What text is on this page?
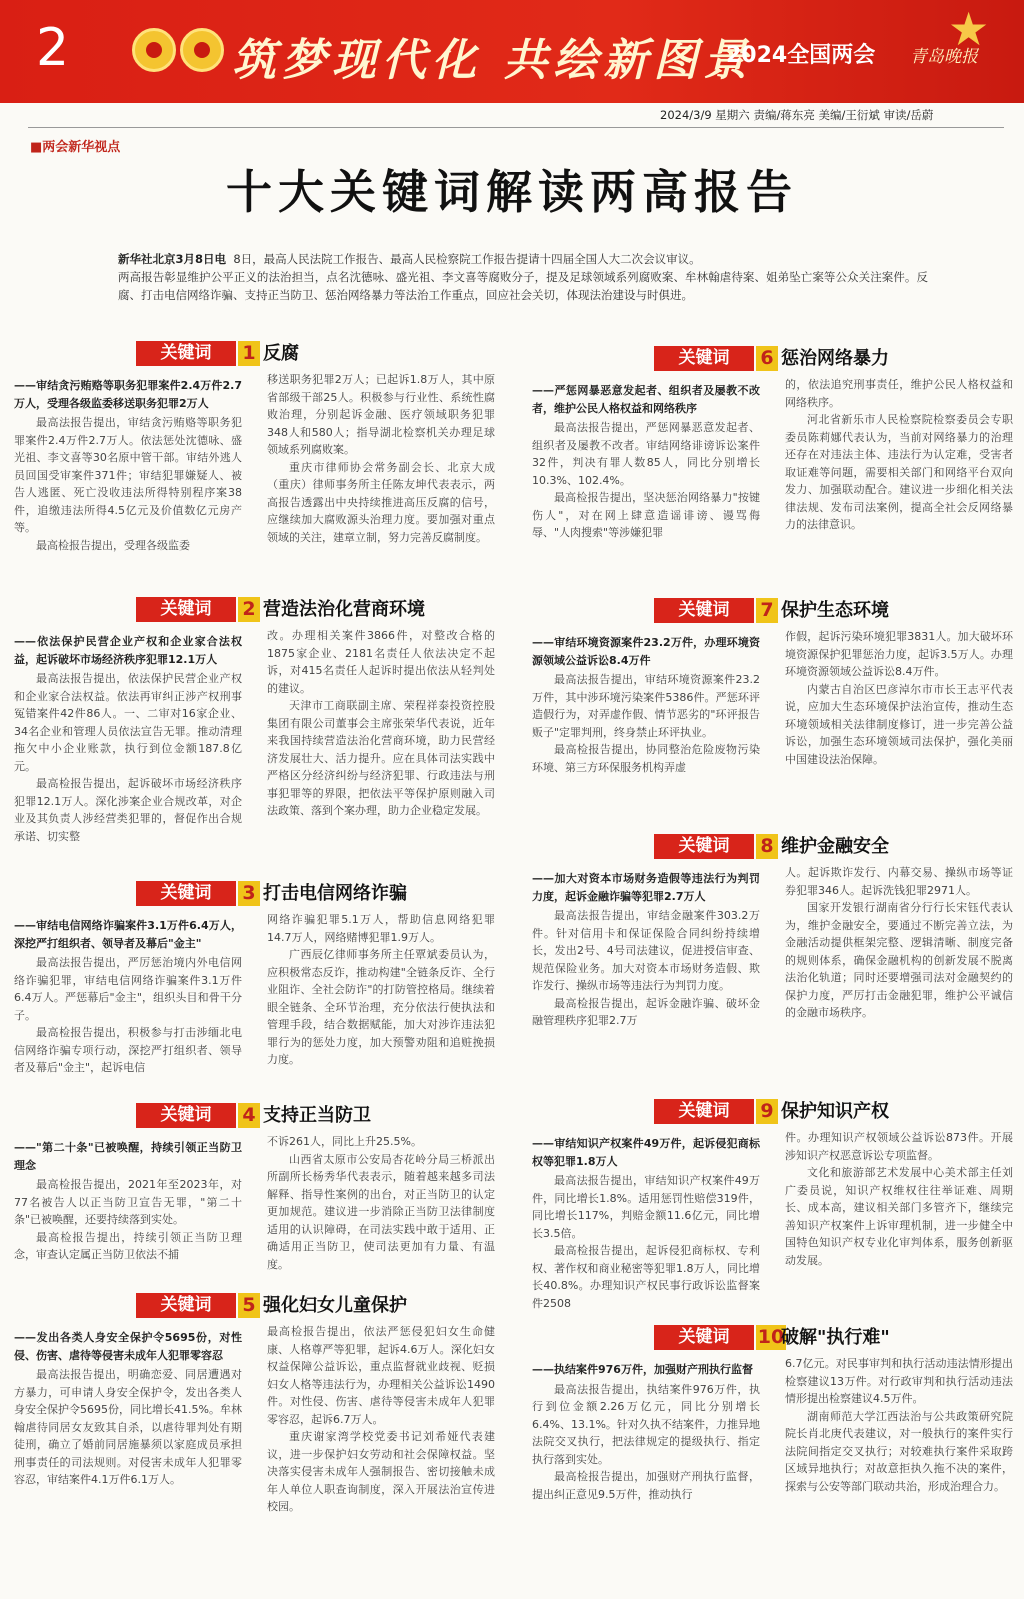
2	筑梦现代化 共绘新图景
2024全国两会 ★
青岛晚报
2024/3/9 星期六 责编/蒋东亮 美编/王衍斌 审读/岳蔚
■两会新华视点
十大关键词解读两高报告
新华社北京3月8日电 8日，最高人民法院工作报告、最高人民检察院工作报告提请十四届全国人大二次会议审议。
两高报告彰显维护公平正义的法治担当，点名沈德咏、盛光祖、李文喜等腐败分子，提及足球领域系列腐败案、牟林翰虐待案、姐弟坠亡案等公众关注案件。反腐、打击电信网络诈骗、支持正当防卫、惩治网络暴力等法治工作重点，回应社会关切，体现法治建设与时俱进。
关键词	1 反腐
——审结贪污贿赂等职务犯罪案件2.4万件2.7万人，受理各级监委移送职务犯罪2万人

最高法报告提出，审结贪污贿赂等职务犯罪案件2.4万件2.7万人。依法惩处沈德咏、盛光祖、李文喜等30名原中管干部。审结外逃人员回国受审案件371件；审结犯罪嫌疑人、被告人逃匿、死亡没收违法所得特别程序案38件，追缴违法所得4.5亿元及价值数亿元房产等。

最高检报告提出，受理各级监委

移送职务犯罪2万人；已起诉1.8万人，其中原省部级干部25人。积极参与行业性、系统性腐败治理，分别起诉金融、医疗领域职务犯罪348人和580人；指导湖北检察机关办理足球领域系列腐败案。

重庆市律师协会常务副会长、北京大成（重庆）律师事务所主任陈友坤代表表示，两高报告透露出中央持续推进高压反腐的信号，应继续加大腐败源头治理力度。要加强对重点领域的关注，建章立制，努力完善反腐制度。

关键词	2 营造法治化营商环境
——依法保护民营企业产权和企业家合法权益，起诉破坏市场经济秩序犯罪12.1万人

最高法报告提出，依法保护民营企业产权和企业家合法权益。依法再审纠正涉产权刑事冤错案件42件86人。一、二审对16家企业、34名企业和管理人员依法宣告无罪。推动清理拖欠中小企业账款，执行到位金额187.8亿元。

最高检报告提出，起诉破坏市场经济秩序犯罪12.1万人。深化涉案企业合规改革，对企业及其负责人涉经营类犯罪的，督促作出合规承诺、切实整

改。办理相关案件3866件，对整改合格的1875家企业、2181名责任人依法决定不起诉，对415名责任人起诉时提出依法从轻判处的建议。

天津市工商联副主席、荣程祥泰投资控股集团有限公司董事会主席张荣华代表说，近年来我国持续营造法治化营商环境，助力民营经济发展壮大、活力提升。应在具体司法实践中严格区分经济纠纷与经济犯罪、行政违法与刑事犯罪等的界限，把依法平等保护原则融入司法政策、落到个案办理，助力企业稳定发展。

关键词	3 打击电信网络诈骗
——审结电信网络诈骗案件3.1万件6.4万人，深挖严打组织者、领导者及幕后"金主"

最高法报告提出，严厉惩治境内外电信网络诈骗犯罪，审结电信网络诈骗案件3.1万件6.4万人。严惩幕后"金主"，组织头目和骨干分子。

最高检报告提出，积极参与打击涉缅北电信网络诈骗专项行动，深挖严打组织者、领导者及幕后"金主"，起诉电信

网络诈骗犯罪5.1万人，帮助信息网络犯罪14.7万人，网络赌博犯罪1.9万人。

广西辰亿律师事务所主任覃斌委员认为，应积极常态反诈，推动构建"全链条反诈、全行业阻诈、全社会防诈"的打防管控格局。继续着眼全链条、全环节治理，充分依法行使执法和管理手段，结合数据赋能，加大对涉诈违法犯罪行为的惩处力度，加大预警劝阻和追赃挽损力度。

关键词	4 支持正当防卫
——"第二十条"已被唤醒，持续引领正当防卫理念

最高检报告提出，2021年至2023年，对77名被告人以正当防卫宣告无罪，"第二十条"已被唤醒，还要持续落到实处。

最高检报告提出，持续引领正当防卫理念，审查认定属正当防卫依法不捕

不诉261人，同比上升25.5%。

山西省太原市公安局杏花岭分局三桥派出所副所长杨秀华代表表示，随着越来越多司法解释、指导性案例的出台，对正当防卫的认定更加规范。建议进一步消除正当防卫法律制度适用的认识障碍，在司法实践中敢于适用、正确适用正当防卫，使司法更加有力量、有温度。

关键词	5 强化妇女儿童保护
——发出各类人身安全保护令5695份，对性侵、伤害、虐待等侵害未成年人犯罪零容忍

最高法报告提出，明确恋爱、同居遭遇对方暴力，可申请人身安全保护令，发出各类人身安全保护令5695份，同比增长41.5%。牟林翰虐待同居女友致其自杀，以虐待罪判处有期徒刑，确立了婚前同居施暴须以家庭成员承担刑事责任的司法规则。对侵害未成年人犯罪零容忍，审结案件4.1万件6.1万人。

最高检报告提出，依法严惩侵犯妇女生命健康、人格尊严等犯罪，起诉4.6万人。深化妇女权益保障公益诉讼，重点监督就业歧视、贬损妇女人格等违法行为，办理相关公益诉讼1490件。对性侵、伤害、虐待等侵害未成年人犯罪零容忍，起诉6.7万人。

重庆谢家湾学校党委书记刘希娅代表建议，进一步保护妇女劳动和社会保障权益。坚决落实侵害未成年人强制报告、密切接触未成年人单位人职查询制度，深入开展法治宣传进校园。

关键词	6 惩治网络暴力
——严惩网暴恶意发起者、组织者及屡教不改者，维护公民人格权益和网络秩序

最高法报告提出，严惩网暴恶意发起者、组织者及屡教不改者。审结网络诽谤诉讼案件32件，判决有罪人数85人，同比分别增长10.3%、102.4%。

最高检报告提出，坚决惩治网络暴力"按键伤人"，对在网上肆意造谣诽谤、谩骂侮辱、"人肉搜索"等涉嫌犯罪

的，依法追究刑事责任，维护公民人格权益和网络秩序。

河北省新乐市人民检察院检察委员会专职委员陈莉娜代表认为，当前对网络暴力的治理还存在对违法主体、违法行为认定难，受害者取证难等问题，需要相关部门和网络平台双向发力、加强联动配合。建议进一步细化相关法律法规、发布司法案例，提高全社会反网络暴力的法律意识。

关键词	7 保护生态环境
——审结环境资源案件23.2万件，办理环境资源领域公益诉讼8.4万件

最高法报告提出，审结环境资源案件23.2万件，其中涉环境污染案件5386件。严惩环评造假行为，对弄虚作假、情节恶劣的"环评报告贩子"定罪判刑，终身禁止环评执业。

最高检报告提出，协同整治危险废物污染环境、第三方环保服务机构弄虚

作假，起诉污染环境犯罪3831人。加大破坏环境资源保护犯罪惩治力度，起诉3.5万人。办理环境资源领域公益诉讼8.4万件。

内蒙古自治区巴彦淖尔市市长王志平代表说，应加大生态环境保护法治宣传，推动生态环境领域相关法律制度修订，进一步完善公益诉讼，加强生态环境领域司法保护，强化美丽中国建设法治保障。

关键词	8 维护金融安全
——加大对资本市场财务造假等违法行为判罚力度，起诉金融诈骗等犯罪2.7万人

最高法报告提出，审结金融案件303.2万件。针对信用卡和保证保险合同纠纷持续增长，发出2号、4号司法建议，促进授信审查、规范保险业务。加大对资本市场财务造假、欺诈发行、操纵市场等违法行为判罚力度。

最高检报告提出，起诉金融诈骗、破坏金融管理秩序犯罪2.7万

人。起诉欺诈发行、内幕交易、操纵市场等证券犯罪346人。起诉洗钱犯罪2971人。

国家开发银行湖南省分行行长宋钰代表认为，维护金融安全，要通过不断完善立法，为金融活动提供框架完整、逻辑清晰、制度完备的规则体系，确保金融机构的创新发展不脱离法治化轨道；同时还要增强司法对金融契约的保护力度，严厉打击金融犯罪，维护公平诚信的金融市场秩序。

关键词	9 保护知识产权
——审结知识产权案件49万件，起诉侵犯商标权等犯罪1.8万人

最高法报告提出，审结知识产权案件49万件，同比增长1.8%。适用惩罚性赔偿319件，同比增长117%，判赔金额11.6亿元，同比增长3.5倍。

最高检报告提出，起诉侵犯商标权、专利权、著作权和商业秘密等犯罪1.8万人，同比增长40.8%。办理知识产权民事行政诉讼监督案件2508

件。办理知识产权领域公益诉讼873件。开展涉知识产权恶意诉讼专项监督。

文化和旅游部艺术发展中心美术部主任刘广委员说，知识产权维权往往举证难、周期长、成本高，建议相关部门多管齐下，继续完善知识产权案件上诉审理机制，进一步健全中国特色知识产权专业化审判体系，服务创新驱动发展。

关键词	10
破解"执行难"
——执结案件976万件，加强财产刑执行监督

最高法报告提出，执结案件976万件，执行到位金额2.26万亿元，同比分别增长6.4%、13.1%。针对久执不结案件，力推异地法院交叉执行，把法律规定的提级执行、指定执行落到实处。

最高检报告提出，加强财产刑执行监督，提出纠正意见9.5万件，推动执行

6.7亿元。对民事审判和执行活动违法情形提出检察建议13万件。对行政审判和执行活动违法情形提出检察建议4.5万件。

湖南师范大学江西法治与公共政策研究院院长肖北庚代表建议，对一般执行的案件实行法院间指定交叉执行；对较难执行案件采取跨区域异地执行；对故意拒执久拖不决的案件，探索与公安等部门联动共治，形成治理合力。
